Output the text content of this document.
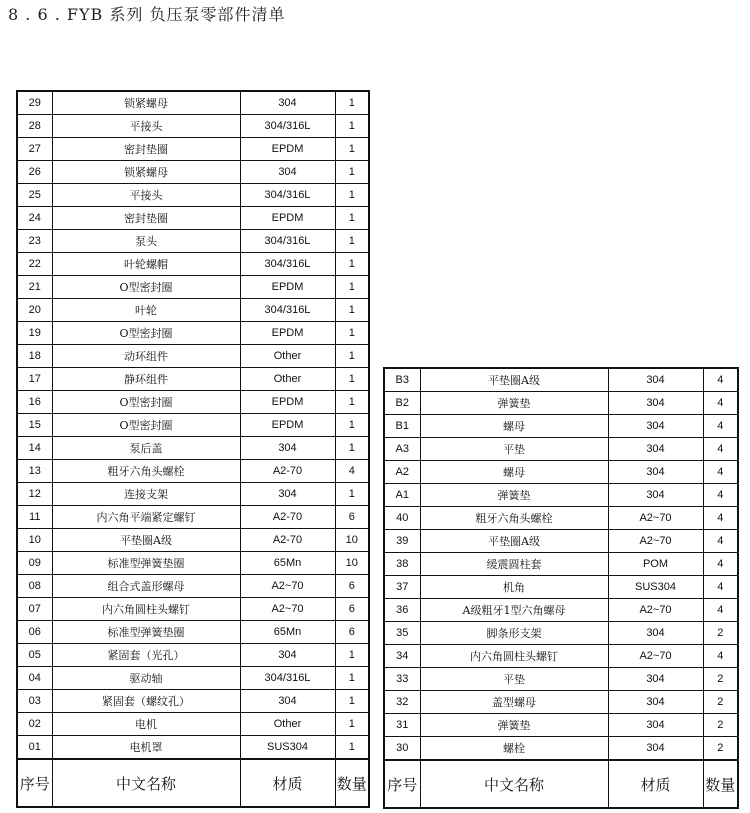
8 . 6 . FYB 系列 负压泵零部件清单
29	锁紧螺母	304	1
28	平接头	304/316L	1
27	密封垫圈	EPDM	1
26	锁紧螺母	304	1
25	平接头	304/316L	1
24	密封垫圈	EPDM	1
23	泵头	304/316L	1
22	叶轮螺帽	304/316L	1
21	O型密封圈	EPDM	1
20	叶轮	304/316L	1
19	O型密封圈	EPDM	1
18	动环组件	Other	1
17	静环组件	Other	1
16	O型密封圈	EPDM	1
15	O型密封圈	EPDM	1
14	泵后盖	304	1
13	粗牙六角头螺栓	A2-70	4
12	连接支架	304	1
11	内六角平端紧定螺钉	A2-70	6
10	平垫圈A级	A2-70	10
09	标准型弹簧垫圈	65Mn	10
08	组合式盖形螺母	A2~70	6
07	内六角圆柱头螺钉	A2~70	6
06	标准型弹簧垫圈	65Mn	6
05	紧固套（光孔）	304	1
04	驱动轴	304/316L	1
03	紧固套（螺纹孔）	304	1
02	电机	Other	1
01	电机罩	SUS304	1
序号	中文名称	材质	数量
B3	平垫圈A级	304	4
B2	弹簧垫	304	4
B1	螺母	304	4
A3	平垫	304	4
A2	螺母	304	4
A1	弹簧垫	304	4
40	粗牙六角头螺栓	A2~70	4
39	平垫圈A级	A2~70	4
38	缓震圆柱套	POM	4
37	机角	SUS304	4
36	A级粗牙1型六角螺母	A2~70	4
35	脚条形支架	304	2
34	内六角圆柱头螺钉	A2~70	4
33	平垫	304	2
32	盖型螺母	304	2
31	弹簧垫	304	2
30	螺栓	304	2
序号	中文名称	材质	数量
